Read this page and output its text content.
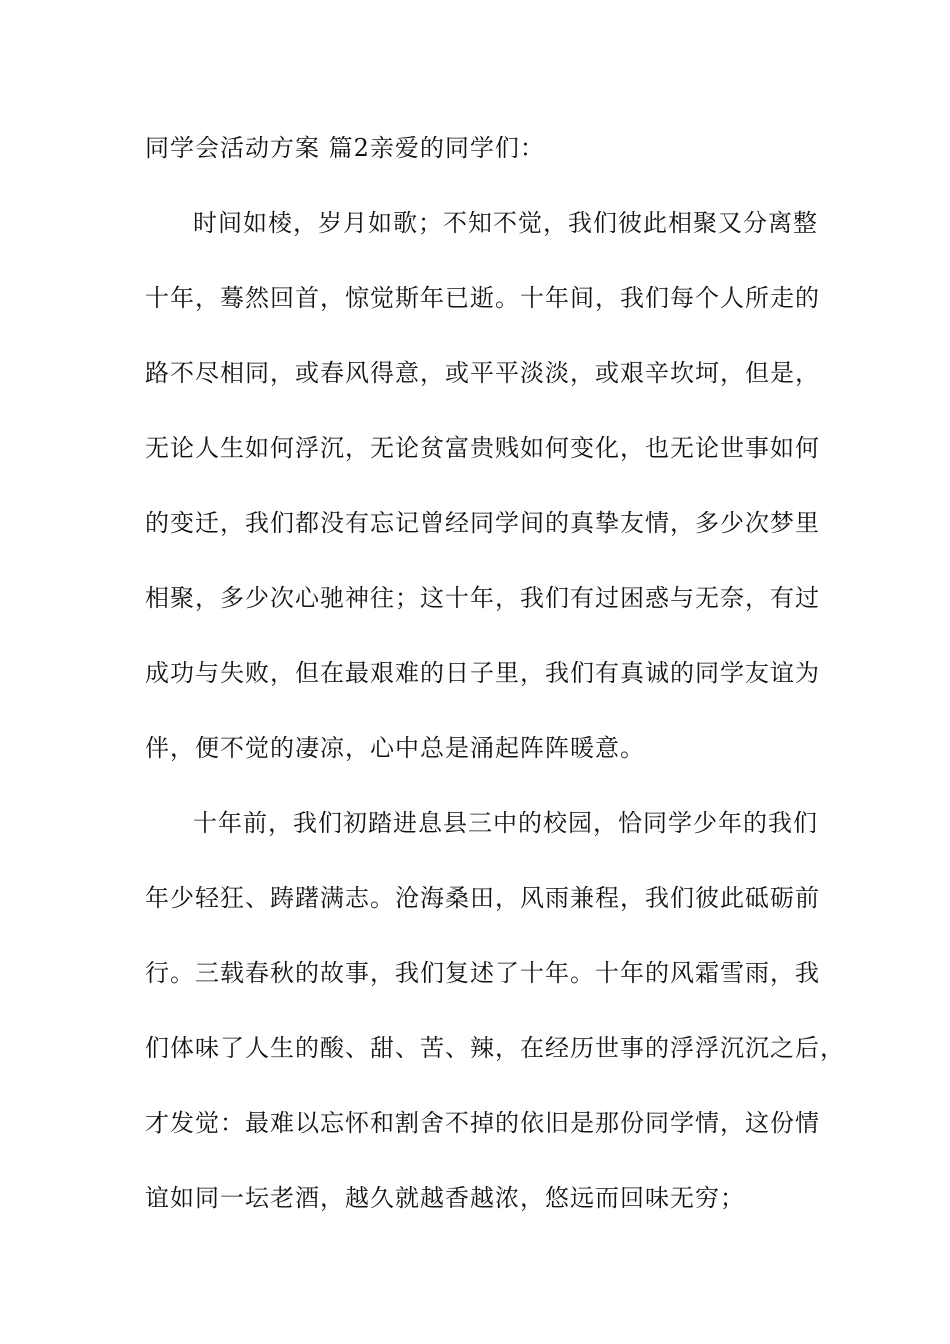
同学会活动方案 篇2亲爱的同学们：
时间如棱，岁月如歌；不知不觉，我们彼此相聚又分离整
十年，蓦然回首，惊觉斯年已逝。十年间，我们每个人所走的
路不尽相同，或春风得意，或平平淡淡，或艰辛坎坷，但是，
无论人生如何浮沉，无论贫富贵贱如何变化，也无论世事如何
的变迁，我们都没有忘记曾经同学间的真挚友情，多少次梦里
相聚，多少次心驰神往；这十年，我们有过困惑与无奈，有过
成功与失败，但在最艰难的日子里，我们有真诚的同学友谊为
伴，便不觉的凄凉，心中总是涌起阵阵暖意。
十年前，我们初踏进息县三中的校园，恰同学少年的我们
年少轻狂、踌躇满志。沧海桑田，风雨兼程，我们彼此砥砺前
行。三载春秋的故事，我们复述了十年。十年的风霜雪雨，我
们体味了人生的酸、甜、苦、辣，在经历世事的浮浮沉沉之后，
才发觉：最难以忘怀和割舍不掉的依旧是那份同学情，这份情
谊如同一坛老酒，越久就越香越浓，悠远而回味无穷；
